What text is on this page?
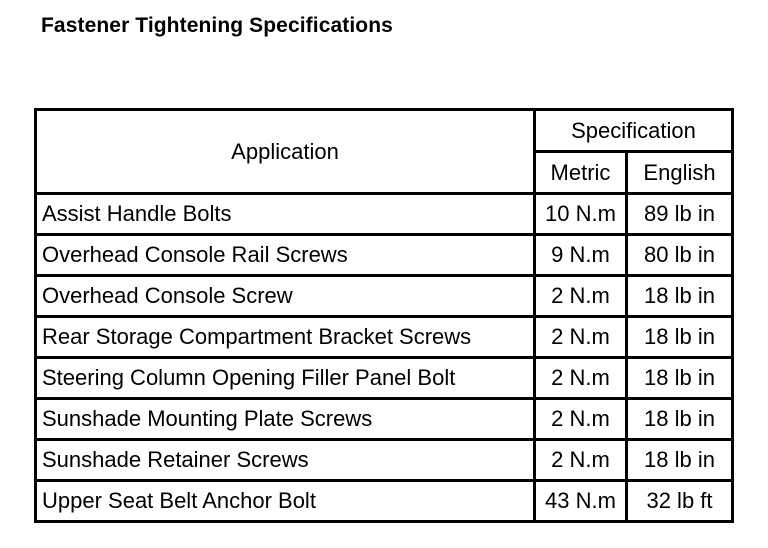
Fastener Tightening Specifications
Application	Specification	
	Metric	English
Assist Handle Bolts	10 N.m	89 lb in
Overhead Console Rail Screws	9 N.m	80 lb in
Overhead Console Screw	2 N.m	18 lb in
Rear Storage Compartment Bracket Screws	2 N.m	18 lb in
Steering Column Opening Filler Panel Bolt	2 N.m	18 lb in
Sunshade Mounting Plate Screws	2 N.m	18 lb in
Sunshade Retainer Screws	2 N.m	18 lb in
Upper Seat Belt Anchor Bolt	43 N.m	32 lb ft
